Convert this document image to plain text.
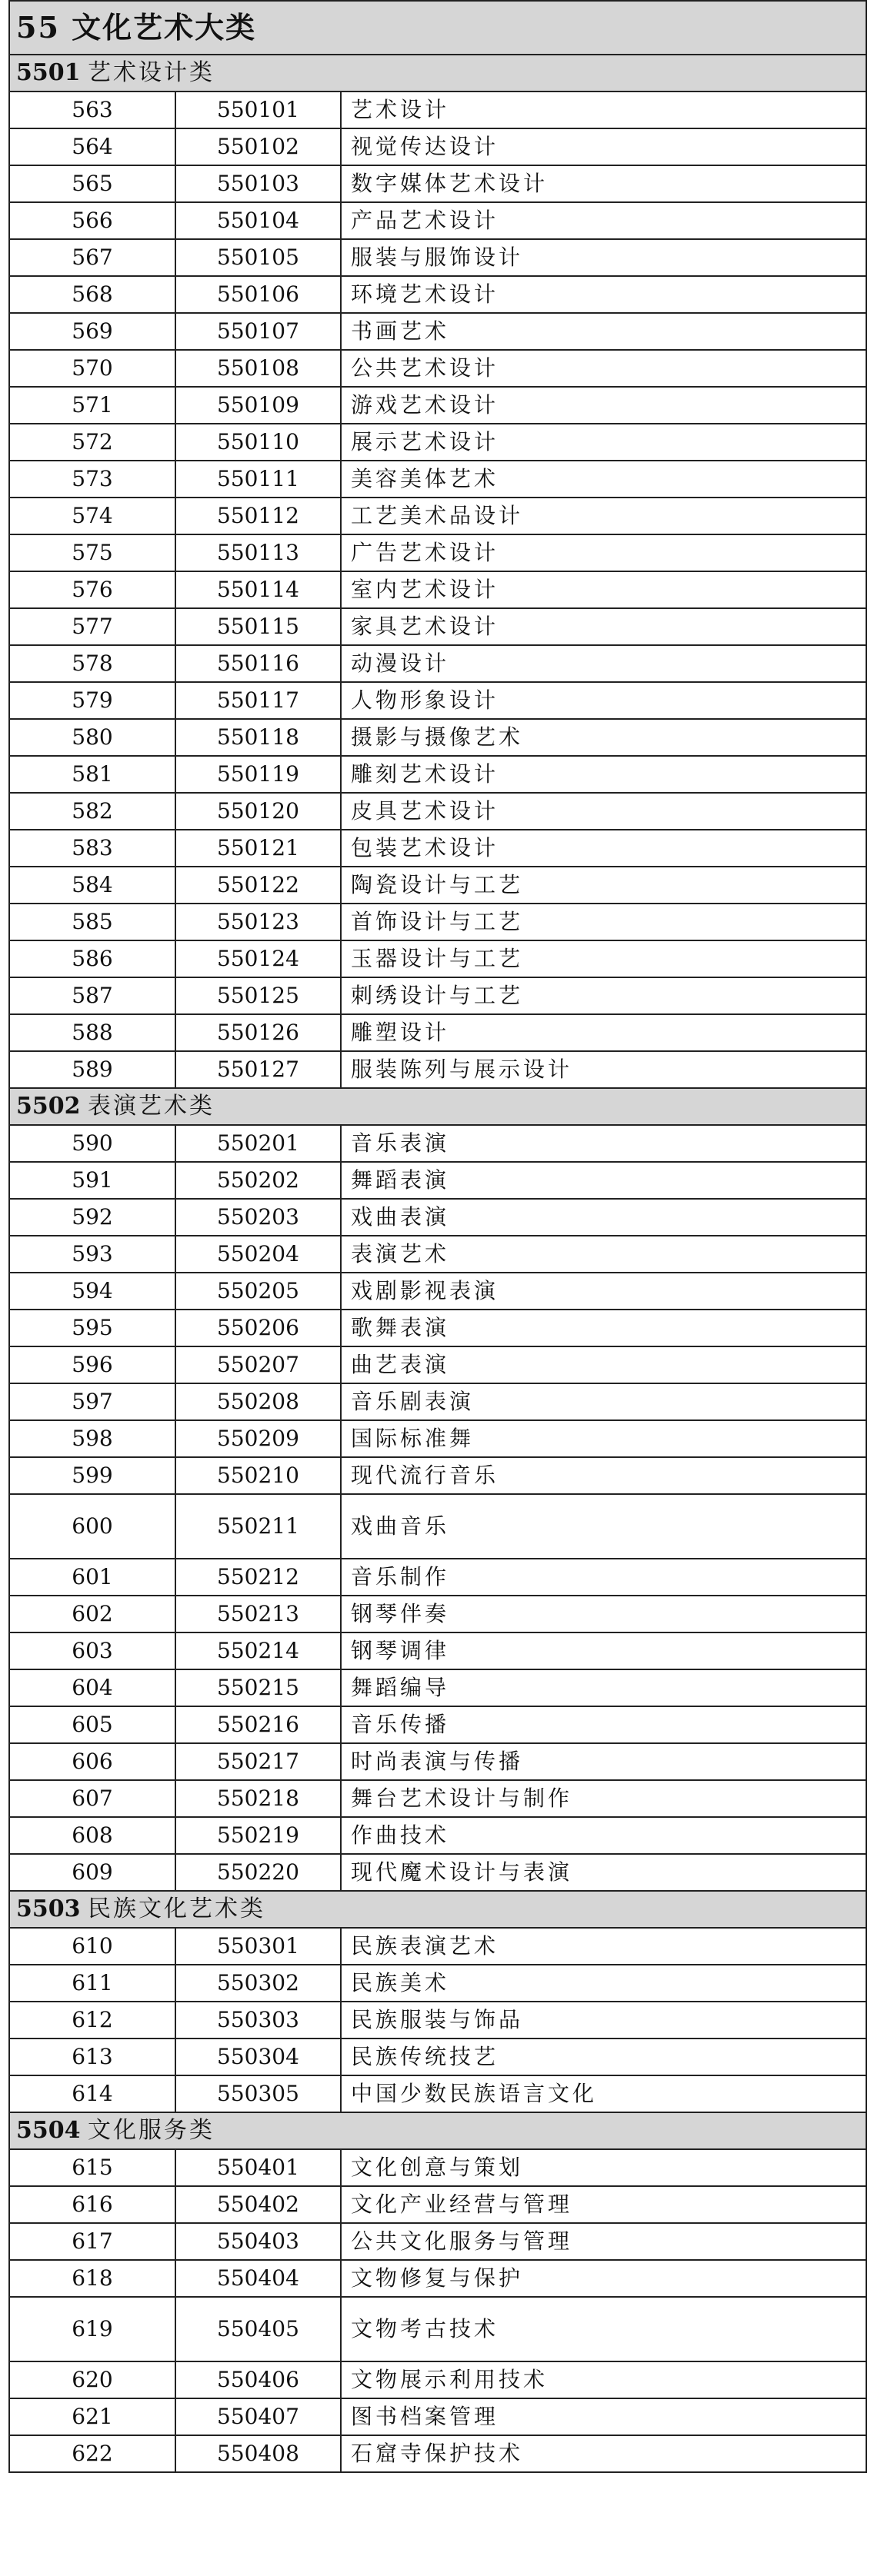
55 文化艺术大类		
5501 艺术设计类		
563	550101	艺术设计
564	550102	视觉传达设计
565	550103	数字媒体艺术设计
566	550104	产品艺术设计
567	550105	服装与服饰设计
568	550106	环境艺术设计
569	550107	书画艺术
570	550108	公共艺术设计
571	550109	游戏艺术设计
572	550110	展示艺术设计
573	550111	美容美体艺术
574	550112	工艺美术品设计
575	550113	广告艺术设计
576	550114	室内艺术设计
577	550115	家具艺术设计
578	550116	动漫设计
579	550117	人物形象设计
580	550118	摄影与摄像艺术
581	550119	雕刻艺术设计
582	550120	皮具艺术设计
583	550121	包装艺术设计
584	550122	陶瓷设计与工艺
585	550123	首饰设计与工艺
586	550124	玉器设计与工艺
587	550125	刺绣设计与工艺
588	550126	雕塑设计
589	550127	服装陈列与展示设计
5502 表演艺术类		
590	550201	音乐表演
591	550202	舞蹈表演
592	550203	戏曲表演
593	550204	表演艺术
594	550205	戏剧影视表演
595	550206	歌舞表演
596	550207	曲艺表演
597	550208	音乐剧表演
598	550209	国际标准舞
599	550210	现代流行音乐
600	550211	戏曲音乐
601	550212	音乐制作
602	550213	钢琴伴奏
603	550214	钢琴调律
604	550215	舞蹈编导
605	550216	音乐传播
606	550217	时尚表演与传播
607	550218	舞台艺术设计与制作
608	550219	作曲技术
609	550220	现代魔术设计与表演
5503 民族文化艺术类		
610	550301	民族表演艺术
611	550302	民族美术
612	550303	民族服装与饰品
613	550304	民族传统技艺
614	550305	中国少数民族语言文化
5504 文化服务类		
615	550401	文化创意与策划
616	550402	文化产业经营与管理
617	550403	公共文化服务与管理
618	550404	文物修复与保护
619	550405	文物考古技术
620	550406	文物展示利用技术
621	550407	图书档案管理
622	550408	石窟寺保护技术
